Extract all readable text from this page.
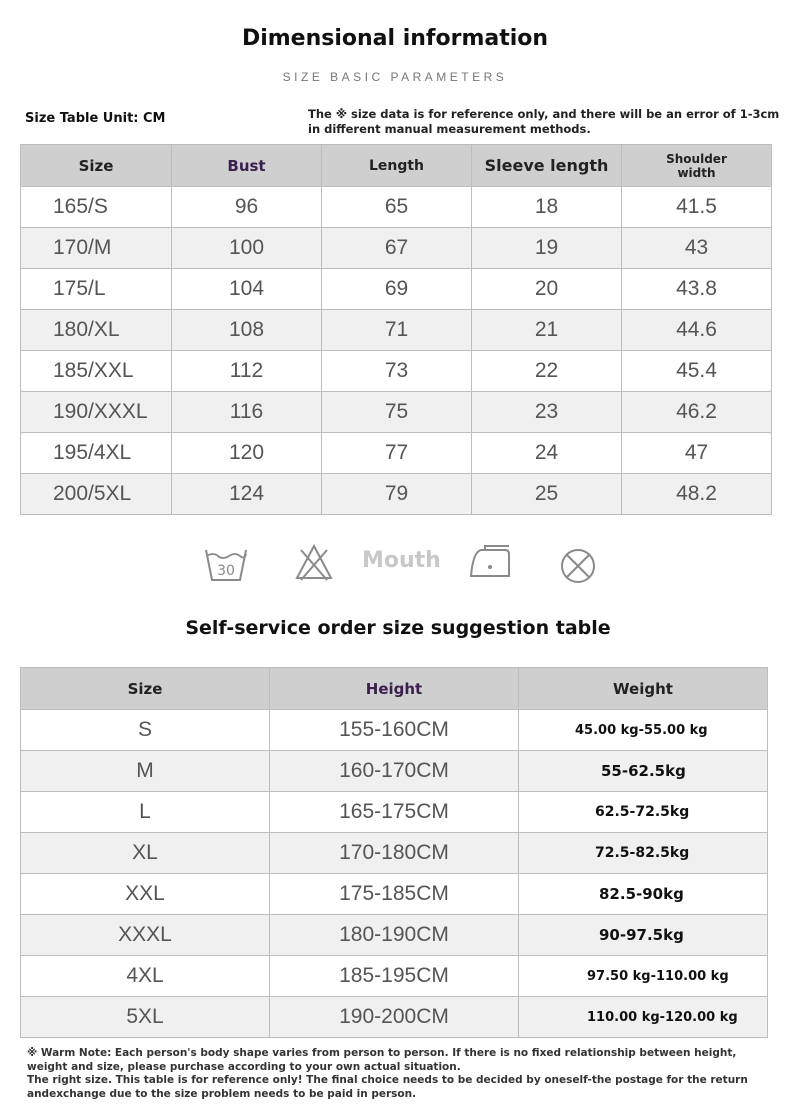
Dimensional information
SIZE BASIC PARAMETERS
Size Table Unit: CM	The ※ size data is for reference only, and there will be an error of 1-3cm in different manual measurement methods.
Size	Bust	Length	Sleeve length	Shoulder width
165/S	96	65	18	41.5
170/M	100	67	19	43
175/L	104	69	20	43.8
180/XL	108	71	21	44.6
185/XXL	112	73	22	45.4
190/XXXL	116	75	23	46.2
195/4XL	120	77	24	47
200/5XL	124	79	25	48.2
30	Mouth
Self-service order size suggestion table
Size	Height	Weight
S	155-160CM	45.00 kg-55.00 kg
M	160-170CM	55-62.5kg
L	165-175CM	62.5-72.5kg
XL	170-180CM	72.5-82.5kg
XXL	175-185CM	82.5-90kg
XXXL	180-190CM	90-97.5kg
4XL	185-195CM	97.50 kg-110.00 kg
5XL	190-200CM	110.00 kg-120.00 kg
※ Warm Note: Each person's body shape varies from person to person. If there is no fixed relationship between height, weight and size, please purchase according to your own actual situation.
The right size. This table is for reference only! The final choice needs to be decided by oneself-the postage for the return andexchange due to the size problem needs to be paid in person.
